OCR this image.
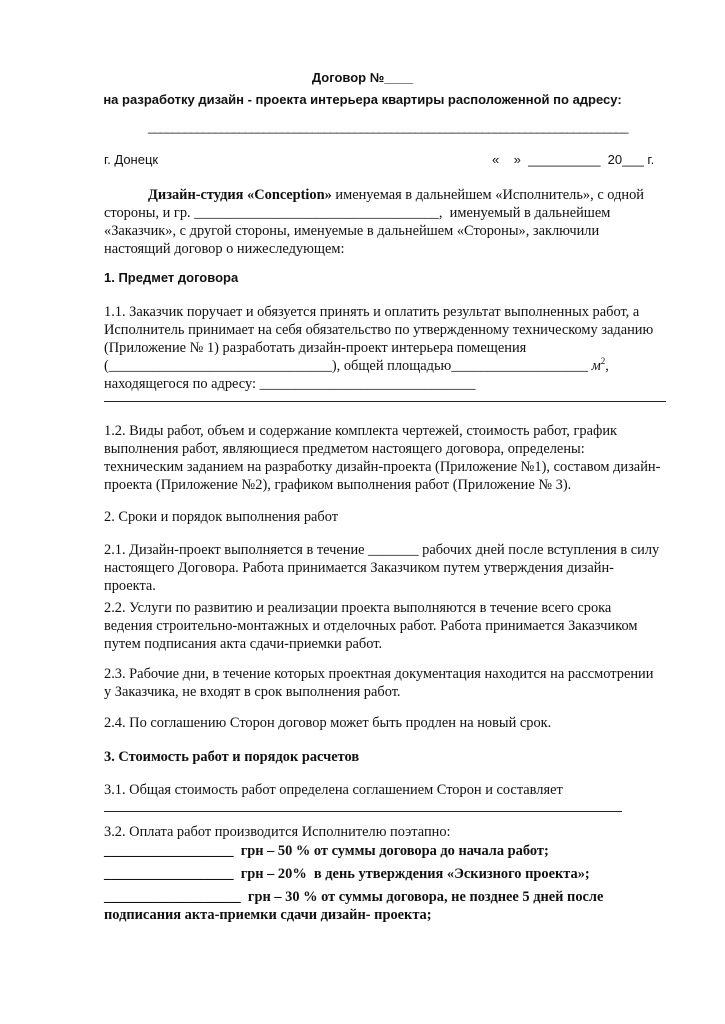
Договор №____
на разработку дизайн - проекта интерьера квартиры расположенной по адресу:
_______________________________________________________________________________
г. Донецк	«    »  __________  20___ г.
Дизайн-студия «Conception» именуемая в дальнейшем «Исполнитель», с одной
стороны, и гр. __________________________________,  именуемый в дальнейшем
«Заказчик», с другой стороны, именуемые в дальнейшем «Стороны», заключили
настоящий договор о нижеследующем:
1. Предмет договора
1.1. Заказчик поручает и обязуется принять и оплатить результат выполненных работ, а
Исполнитель принимает на себя обязательство по утвержденному техническому заданию
(Приложение № 1) разработать дизайн-проект интерьера помещения
(_______________________________), общей площадью___________________ $м^2$,
находящегося по адресу: ______________________________
1.2. Виды работ, объем и содержание комплекта чертежей, стоимость работ, график
выполнения работ, являющиеся предметом настоящего договора, определены:
техническим заданием на разработку дизайн-проекта (Приложение №1), составом дизайн-
проекта (Приложение №2), графиком выполнения работ (Приложение № 3).
2. Сроки и порядок выполнения работ
2.1. Дизайн-проект выполняется в течение _______ рабочих дней после вступления в силу
настоящего Договора. Работа принимается Заказчиком путем утверждения дизайн-
проекта.
2.2. Услуги по развитию и реализации проекта выполняются в течение всего срока
ведения строительно-монтажных и отделочных работ. Работа принимается Заказчиком
путем подписания акта сдачи-приемки работ.
2.3. Рабочие дни, в течение которых проектная документация находится на рассмотрении
у Заказчика, не входят в срок выполнения работ.
2.4. По соглашению Сторон договор может быть продлен на новый срок.
3. Стоимость работ и порядок расчетов
3.1. Общая стоимость работ определена соглашением Сторон и составляет
3.2. Оплата работ производится Исполнителю поэтапно:
__________________  грн – 50 % от суммы договора до начала работ;
__________________  грн – 20%  в день утверждения «Эскизного проекта»;
___________________  грн – 30 % от суммы договора, не позднее 5 дней после
подписания акта-приемки сдачи дизайн- проекта;
